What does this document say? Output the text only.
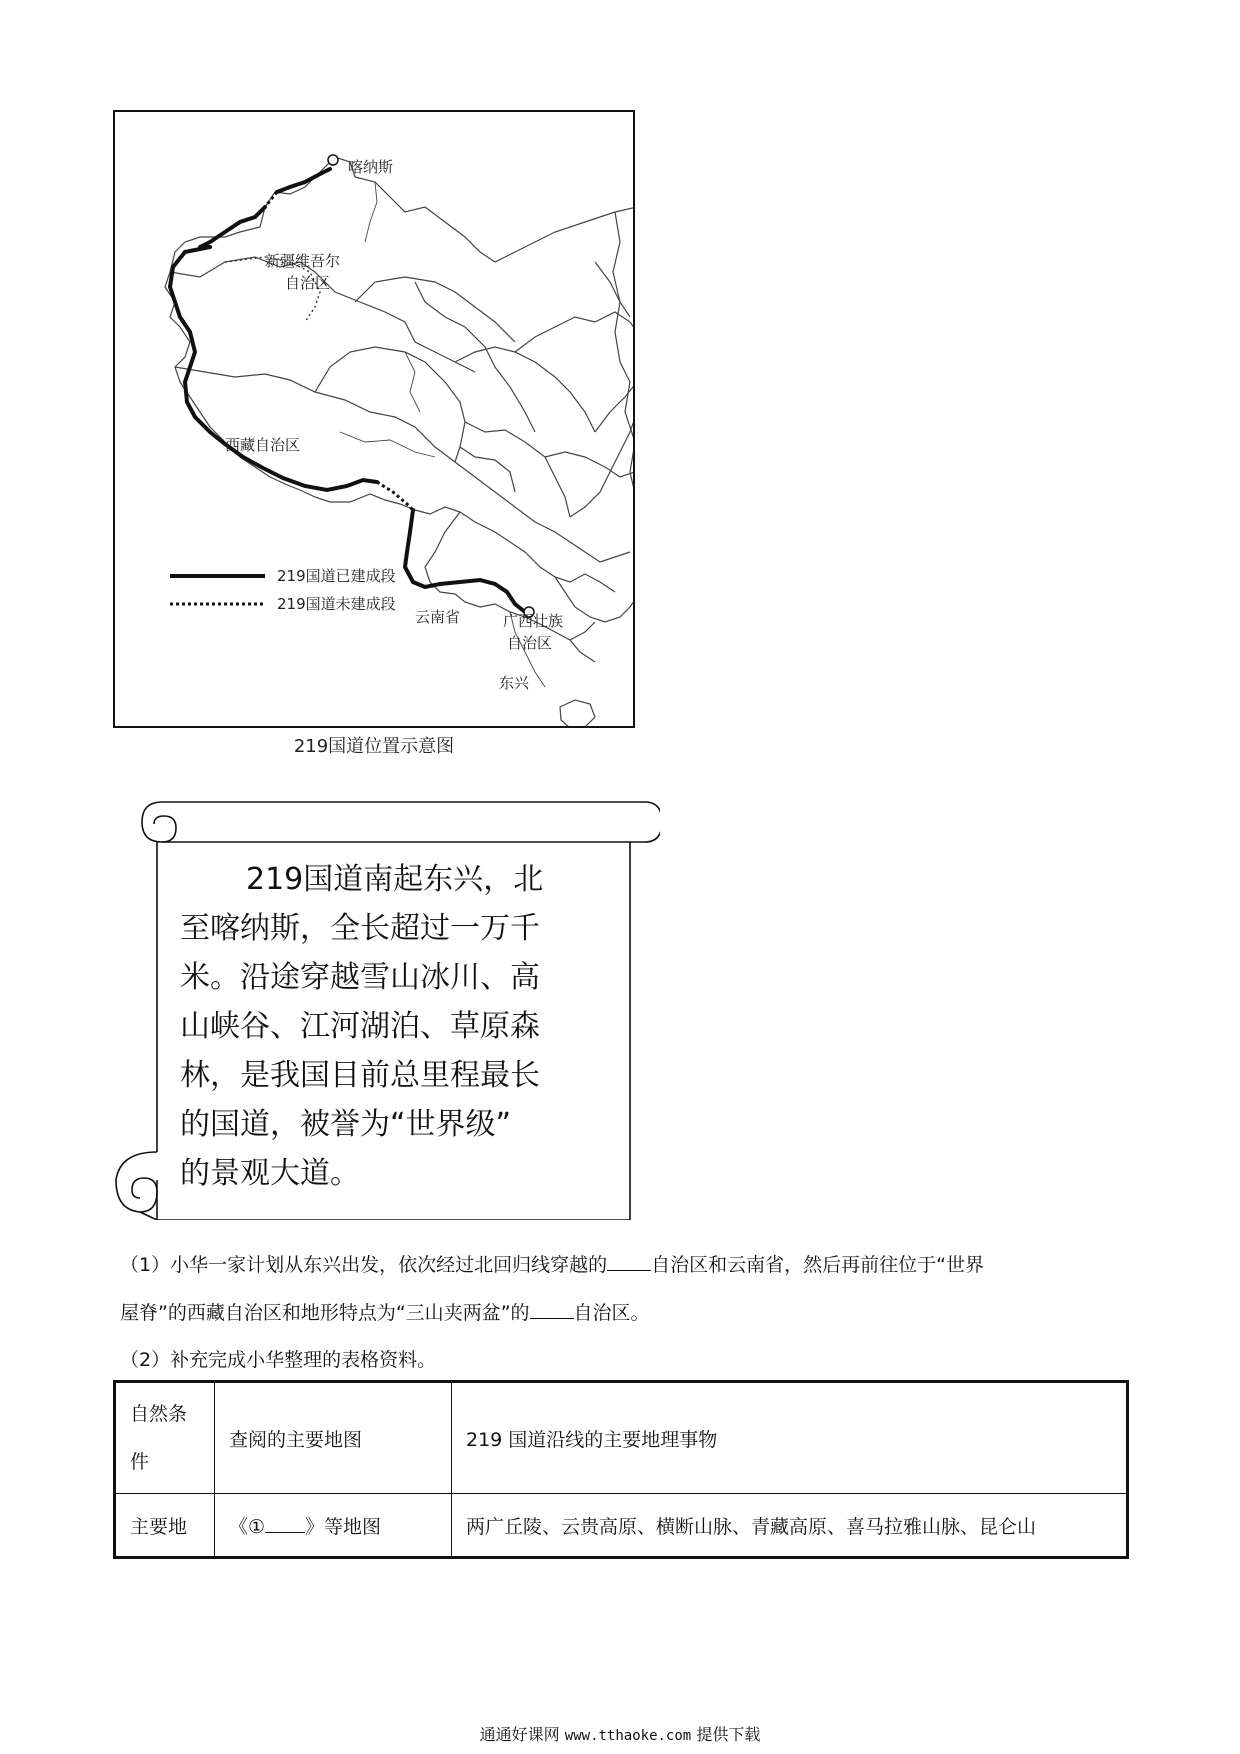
喀纳斯
新疆维吾尔
自治区
西藏自治区
云南省	广西壮族
自治区
东兴
219国道已建成段
219国道未建成段
219国道位置示意图
219国道南起东兴，北
至喀纳斯，全长超过一万千
米。沿途穿越雪山冰川、高
山峡谷、江河湖泊、草原森
林，是我国目前总里程最长
的国道，被誉为“世界级”
的景观大道。
（1）小华一家计划从东兴出发，依次经过北回归线穿越的 自治区和云南省，然后再前往位于“世界
屋脊”的西藏自治区和地形特点为“三山夹两盆”的 自治区。
（2）补充完成小华整理的表格资料。
自然条
件	查阅的主要地图	219 国道沿线的主要地理事物
主要地	《① 》等地图	两广丘陵、云贵高原、横断山脉、青藏高原、喜马拉雅山脉、昆仑山
通通好课网 www.tthaoke.com 提供下载
